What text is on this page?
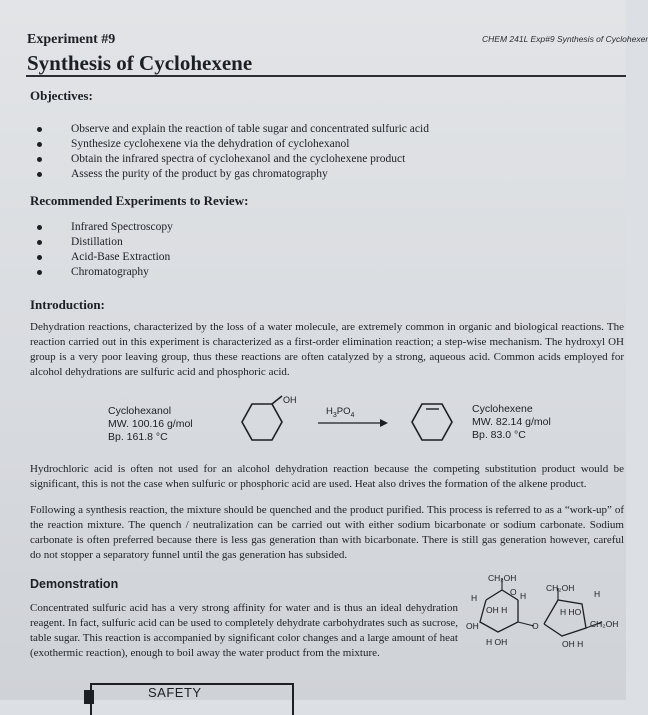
CHEM 241L Exp#9 Synthesis of Cyclohexer
Experiment #9
Synthesis of Cyclohexene
Objectives:
Observe and explain the reaction of table sugar and concentrated sulfuric acid
Synthesize cyclohexene via the dehydration of cyclohexanol
Obtain the infrared spectra of cyclohexanol and the cyclohexene product
Assess the purity of the product by gas chromatography
Recommended Experiments to Review:
Infrared Spectroscopy
Distillation
Acid-Base Extraction
Chromatography
Introduction:
Dehydration reactions, characterized by the loss of a water molecule, are extremely common in organic and biological reactions. The reaction carried out in this experiment is characterized as a first-order elimination reaction; a step-wise mechanism. The hydroxyl OH group is a very poor leaving group, thus these reactions are often catalyzed by a strong, aqueous acid. Common acids employed for alcohol dehydrations are sulfuric acid and phosphoric acid.
Cyclohexanol
MW. 100.16 g/mol
Bp. 161.8 °C
OH
$H_3PO_4$
Cyclohexene
MW. 82.14 g/mol
Bp. 83.0 °C
Hydrochloric acid is often not used for an alcohol dehydration reaction because the competing substitution product would be significant, this is not the case when sulfuric or phosphoric acid are used. Heat also drives the formation of the alkene product.
Following a synthesis reaction, the mixture should be quenched and the product purified. This process is referred to as a “work-up” of the reaction mixture. The quench / neutralization can be carried out with either sodium bicarbonate or sodium carbonate. Sodium carbonate is often preferred because there is less gas generation than with bicarbonate. There is still gas generation however, careful do not stopper a separatory funnel until the gas generation has subsided.
Demonstration
Concentrated sulfuric acid has a very strong affinity for water and is thus an ideal dehydration reagent. In fact, sulfuric acid can be used to completely dehydrate carbohydrates such as sucrose, table sugar. This reaction is accompanied by significant color changes and a large amount of heat (exothermic reaction), enough to boil away the water product from the mixture.
CH₂OH
H
O H
OH H
OH
H OH
CH₂OH
H
H HO
CH₂OH
O
OH H
SAFETY
